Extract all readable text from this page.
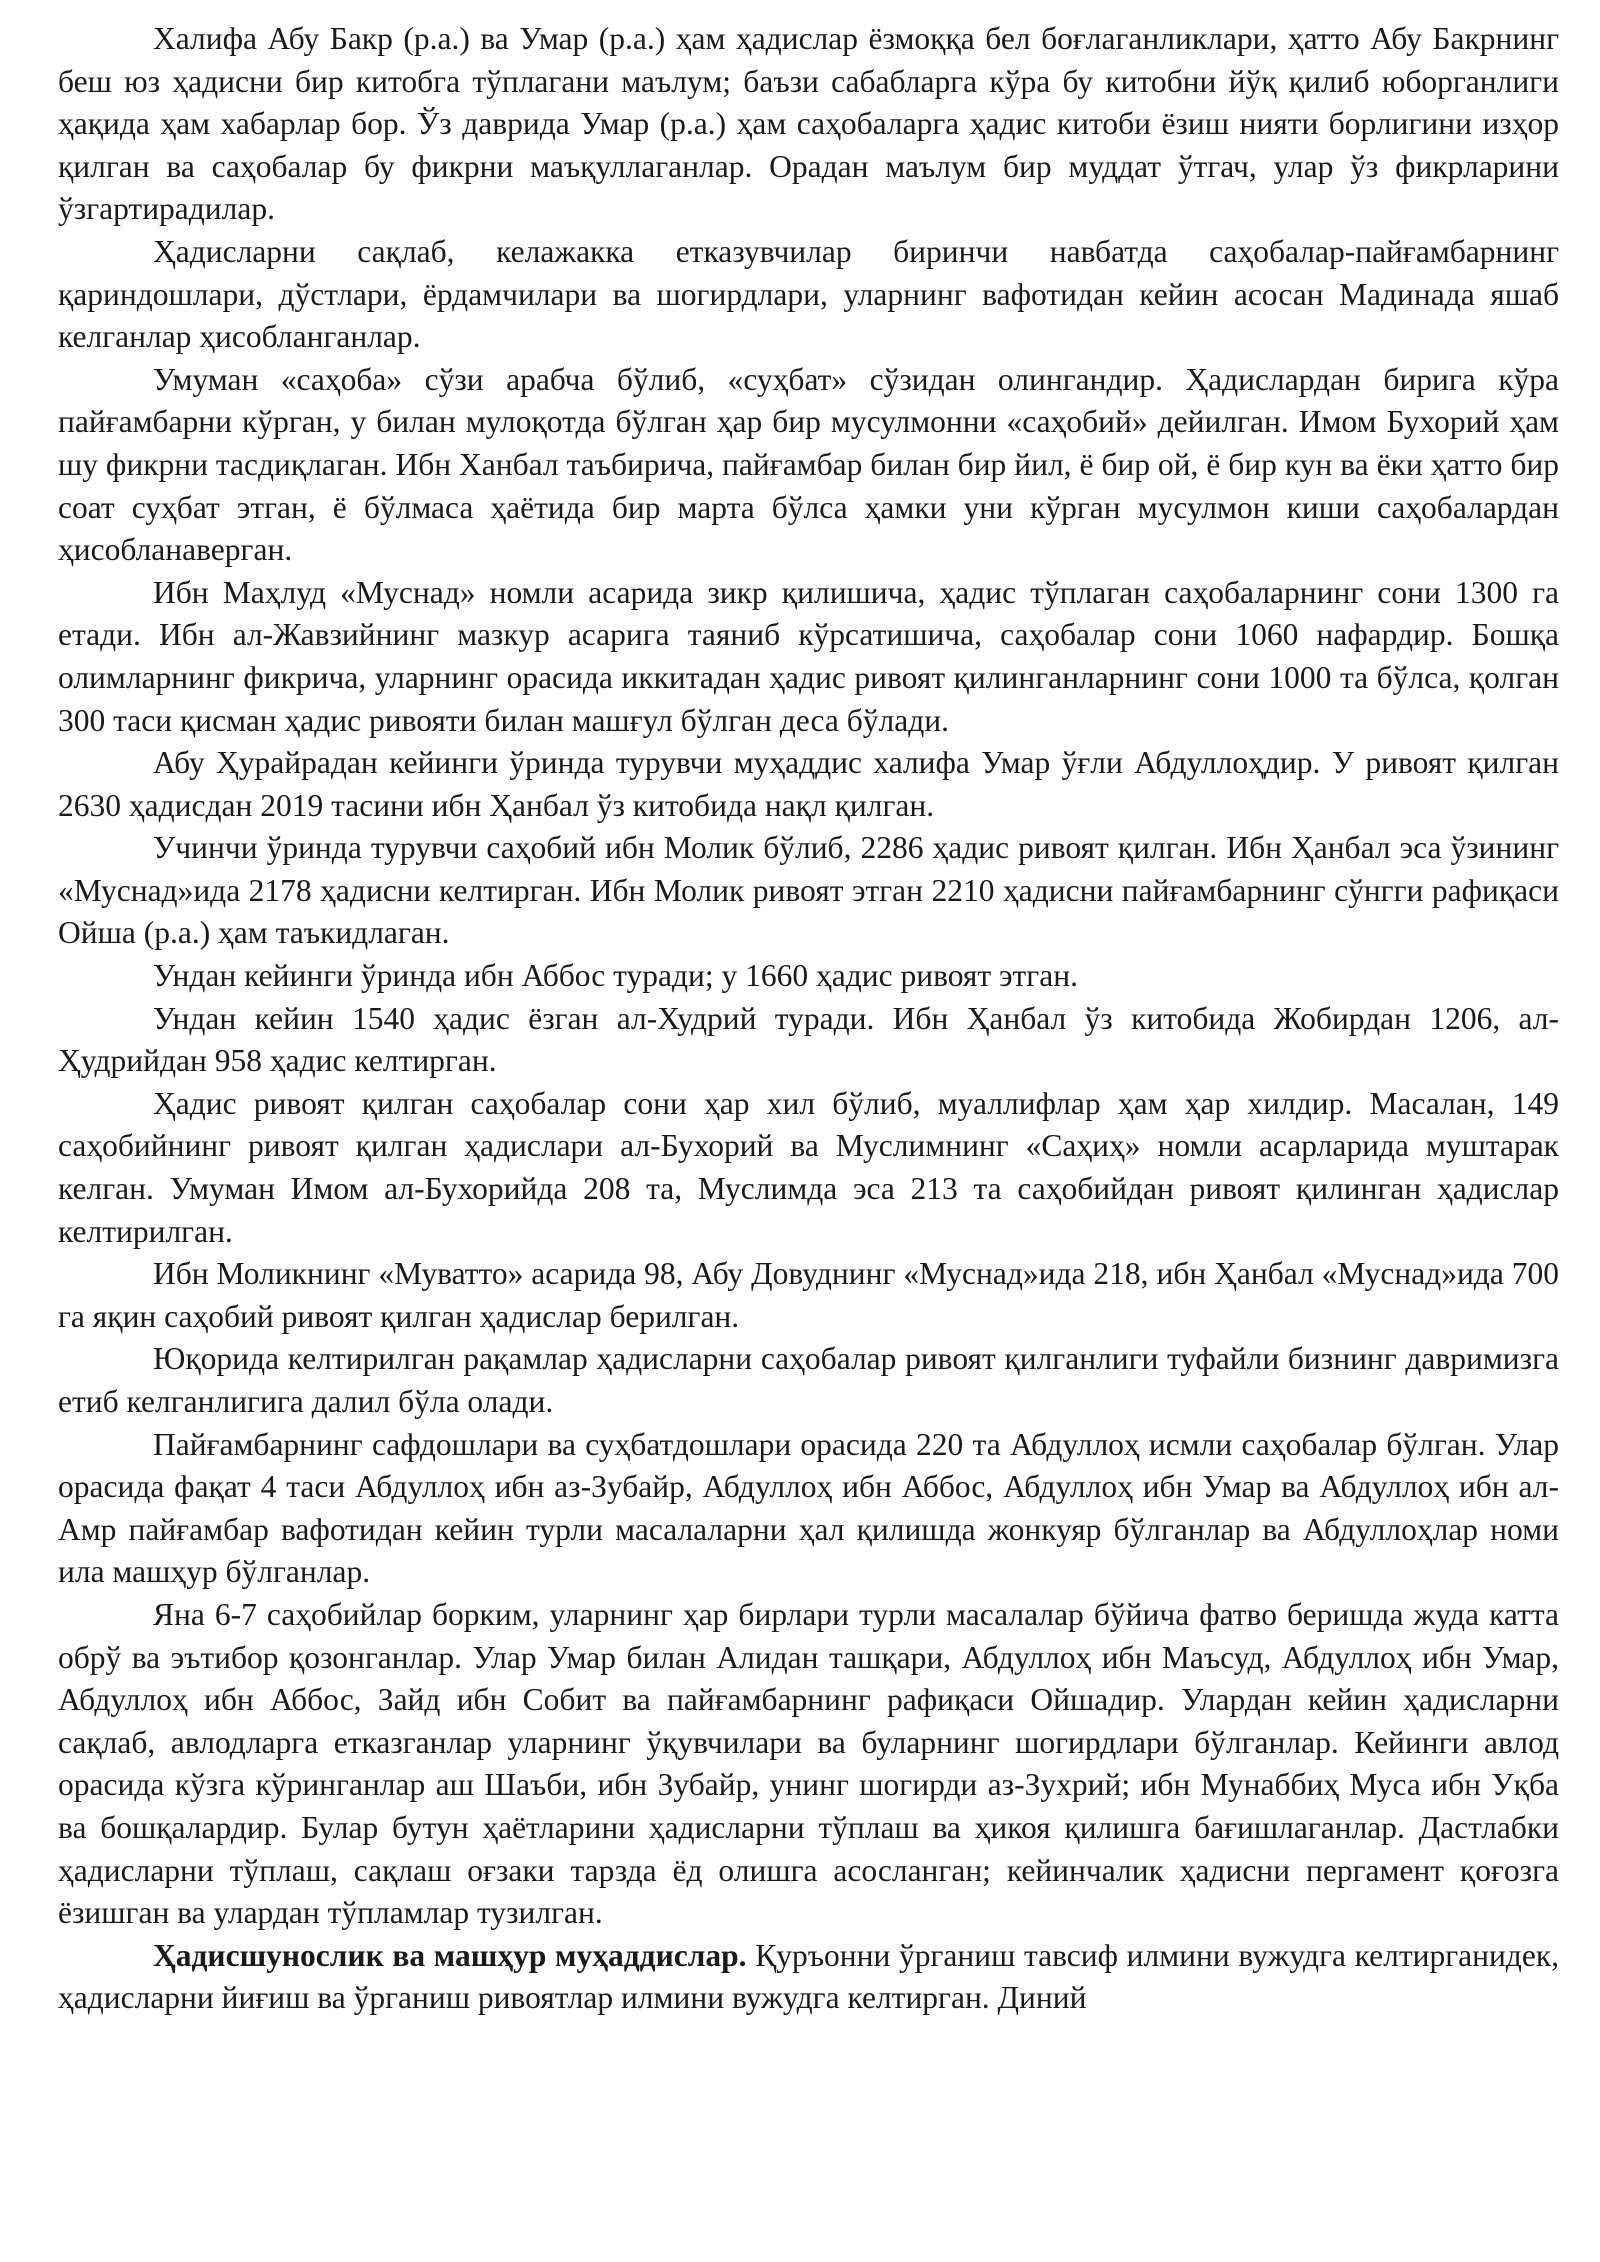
Халифа Абу Бакр (р.а.) ва Умар (р.а.) ҳам ҳадислар ёзмоққа бел боғлаганликлари, ҳатто Абу Бакрнинг беш юз ҳадисни бир китобга тўплагани маълум; баъзи сабабларга кўра бу китобни йўқ қилиб юборганлиги ҳақида ҳам хабарлар бор. Ўз даврида Умар (р.а.) ҳам саҳобаларга ҳадис китоби ёзиш нияти борлигини изҳор қилган ва саҳобалар бу фикрни маъқуллаганлар. Орадан маълум бир муддат ўтгач, улар ўз фикрларини ўзгартирадилар.

Ҳадисларни сақлаб, келажакка етказувчилар биринчи навбатда саҳобалар-пайғамбарнинг қариндошлари, дўстлари, ёрдамчилари ва шогирдлари, уларнинг вафотидан кейин асосан Мадинада яшаб келганлар ҳисобланганлар.

Умуман «саҳоба» сўзи арабча бўлиб, «суҳбат» сўзидан олингандир. Ҳадислардан бирига кўра пайғамбарни кўрган, у билан мулоқотда бўлган ҳар бир мусулмонни «саҳобий» дейилган. Имом Бухорий ҳам шу фикрни тасдиқлаган. Ибн Ханбал таъбирича, пайғамбар билан бир йил, ё бир ой, ё бир кун ва ёки ҳатто бир соат суҳбат этган, ё бўлмаса ҳаётида бир марта бўлса ҳамки уни кўрган мусулмон киши саҳобалардан ҳисобланаверган.

Ибн Маҳлуд «Муснад» номли асарида зикр қилишича, ҳадис тўплаган саҳобаларнинг сони 1300 га етади. Ибн ал-Жавзийнинг мазкур асарига таяниб кўрсатишича, саҳобалар сони 1060 нафардир. Бошқа олимларнинг фикрича, уларнинг орасида иккитадан ҳадис ривоят қилинганларнинг сони 1000 та бўлса, қолган 300 таси қисман ҳадис ривояти билан машғул бўлган деса бўлади.

Абу Ҳурайрадан кейинги ўринда турувчи муҳаддис халифа Умар ўғли Абдуллоҳдир. У ривоят қилган 2630 ҳадисдан 2019 тасини ибн Ҳанбал ўз китобида нақл қилган.

Учинчи ўринда турувчи саҳобий ибн Молик бўлиб, 2286 ҳадис ривоят қилган. Ибн Ҳанбал эса ўзининг «Муснад»ида 2178 ҳадисни келтирган. Ибн Молик ривоят этган 2210 ҳадисни пайғамбарнинг сўнгги рафиқаси Ойша (р.а.) ҳам таъкидлаган.

Ундан кейинги ўринда ибн Аббос туради; у 1660 ҳадис ривоят этган.

Ундан кейин 1540 ҳадис ёзган ал-Худрий туради. Ибн Ҳанбал ўз китобида Жобирдан 1206, ал-Ҳудрийдан 958 ҳадис келтирган.

Ҳадис ривоят қилган саҳобалар сони ҳар хил бўлиб, муаллифлар ҳам ҳар хилдир. Масалан, 149 саҳобийнинг ривоят қилган ҳадислари ал-Бухорий ва Муслимнинг «Саҳиҳ» номли асарларида муштарак келган. Умуман Имом ал-Бухорийда 208 та, Муслимда эса 213 та саҳобийдан ривоят қилинган ҳадислар келтирилган.

Ибн Моликнинг «Муватто» асарида 98, Абу Довуднинг «Муснад»ида 218, ибн Ҳанбал «Муснад»ида 700 га яқин саҳобий ривоят қилган ҳадислар берилган.

Юқорида келтирилган рақамлар ҳадисларни саҳобалар ривоят қилганлиги туфайли бизнинг давримизга етиб келганлигига далил бўла олади.

Пайғамбарнинг сафдошлари ва суҳбатдошлари орасида 220 та Абдуллоҳ исмли саҳобалар бўлган. Улар орасида фақат 4 таси Абдуллоҳ ибн аз-Зубайр, Абдуллоҳ ибн Аббос, Абдуллоҳ ибн Умар ва Абдуллоҳ ибн ал-Амр пайғамбар вафотидан кейин турли масалаларни ҳал қилишда жонкуяр бўлганлар ва Абдуллоҳлар номи ила машҳур бўлганлар.

Яна 6-7 саҳобийлар борким, уларнинг ҳар бирлари турли масалалар бўйича фатво беришда жуда катта обрў ва эътибор қозонганлар. Улар Умар билан Алидан ташқари, Абдуллоҳ ибн Маъсуд, Абдуллоҳ ибн Умар, Абдуллоҳ ибн Аббос, Зайд ибн Собит ва пайғамбарнинг рафиқаси Ойшадир. Улардан кейин ҳадисларни сақлаб, авлодларга етказганлар уларнинг ўқувчилари ва буларнинг шогирдлари бўлганлар. Кейинги авлод орасида кўзга кўринганлар аш Шаъби, ибн Зубайр, унинг шогирди аз-Зухрий; ибн Мунаббиҳ Муса ибн Уқба ва бошқалардир. Булар бутун ҳаётларини ҳадисларни тўплаш ва ҳикоя қилишга бағишлаганлар. Дастлабки ҳадисларни тўплаш, сақлаш оғзаки тарзда ёд олишга асосланган; кейинчалик ҳадисни пергамент қоғозга ёзишган ва улардан тўпламлар тузилган.

Ҳадисшунослик ва машҳур муҳаддислар. Қуръонни ўрганиш тавсиф илмини вужудга келтирганидек, ҳадисларни йиғиш ва ўрганиш ривоятлар илмини вужудга келтирган. Диний
